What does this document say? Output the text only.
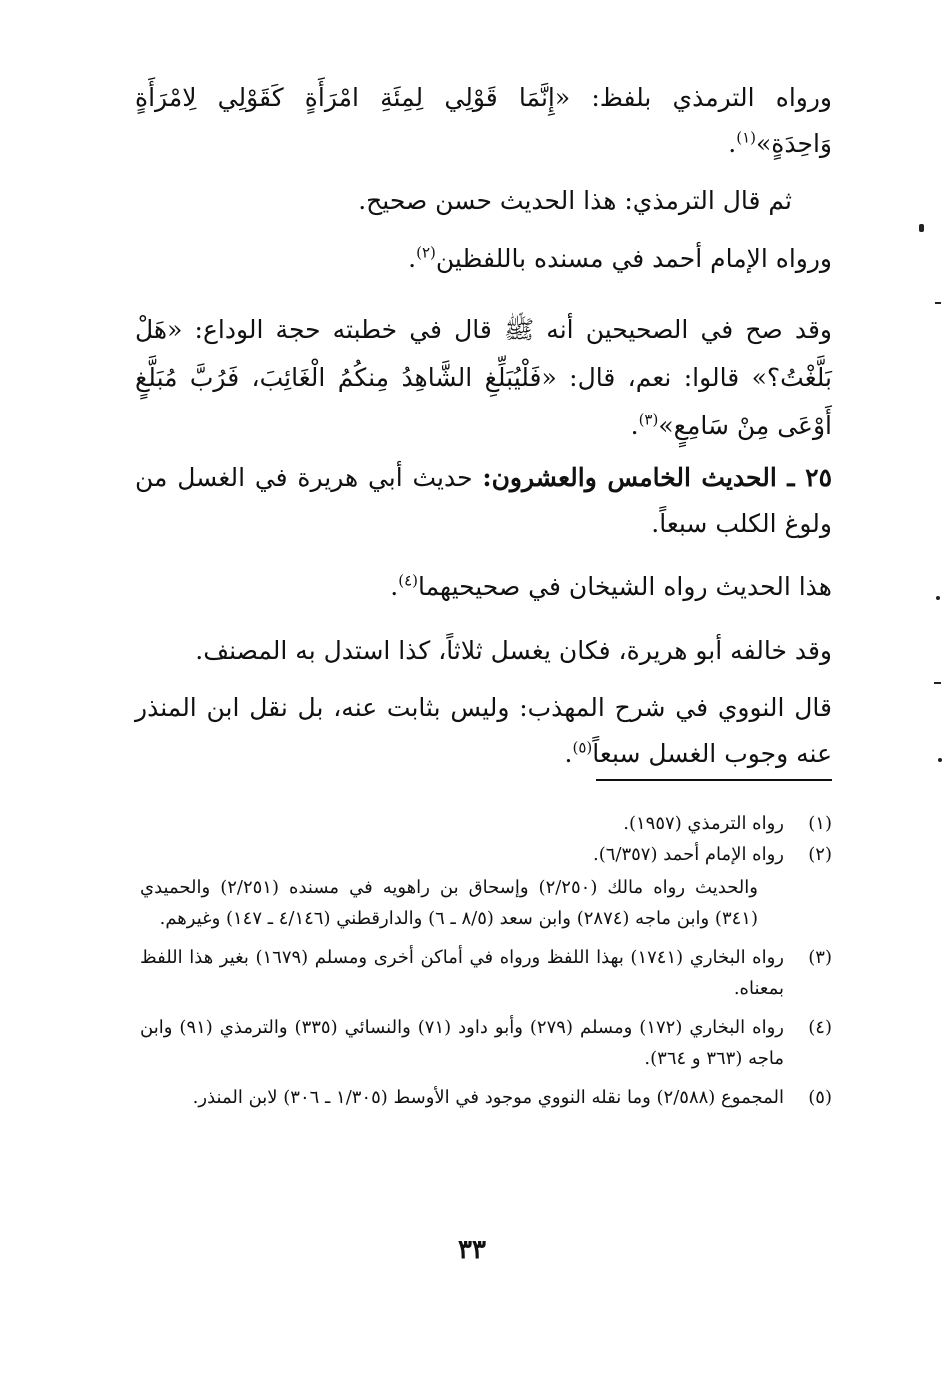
ورواه الترمذي بلفظ: «إِنَّمَا قَوْلِي لِمِئَةِ امْرَأَةٍ كَقَوْلِي لِامْرَأَةٍ وَاحِدَةٍ»$^{(١)}$.
ثم قال الترمذي: هذا الحديث حسن صحيح.
ورواه الإمام أحمد في مسنده باللفظين$^{(٢)}$.
وقد صح في الصحيحين أنه ﷺ قال في خطبته حجة الوداع: «هَلْ بَلَّغْتُ؟» قالوا: نعم، قال: «فَلْيُبَلِّغِ الشَّاهِدُ مِنكُمُ الْغَائِبَ، فَرُبَّ مُبَلَّغٍ أَوْعَى مِنْ سَامِعٍ»$^{(٣)}$.
٢٥ ـ الحديث الخامس والعشرون: حديث أبي هريرة في الغسل من ولوغ الكلب سبعاً.
هذا الحديث رواه الشيخان في صحيحيهما$^{(٤)}$.
وقد خالفه أبو هريرة، فكان يغسل ثلاثاً، كذا استدل به المصنف.
قال النووي في شرح المهذب: وليس بثابت عنه، بل نقل ابن المنذر عنه وجوب الغسل سبعاً$^{(٥)}$.
(١)
رواه الترمذي (١٩٥٧).
(٢)
رواه الإمام أحمد (٦/٣٥٧).
والحديث رواه مالك (٢/٢٥٠) وإسحاق بن راهويه في مسنده (٢/٢٥١) والحميدي (٣٤١) وابن ماجه (٢٨٧٤) وابن سعد (٨/٥ ـ ٦) والدارقطني (٤/١٤٦ ـ ١٤٧) وغيرهم.
(٣)
رواه البخاري (١٧٤١) بهذا اللفظ ورواه في أماكن أخرى ومسلم (١٦٧٩) بغير هذا اللفظ بمعناه.
(٤)
رواه البخاري (١٧٢) ومسلم (٢٧٩) وأبو داود (٧١) والنسائي (٣٣٥) والترمذي (٩١) وابن ماجه (٣٦٣ و ٣٦٤).
(٥)
المجموع (٢/٥٨٨) وما نقله النووي موجود في الأوسط (١/٣٠٥ ـ ٣٠٦) لابن المنذر.
٣٣
